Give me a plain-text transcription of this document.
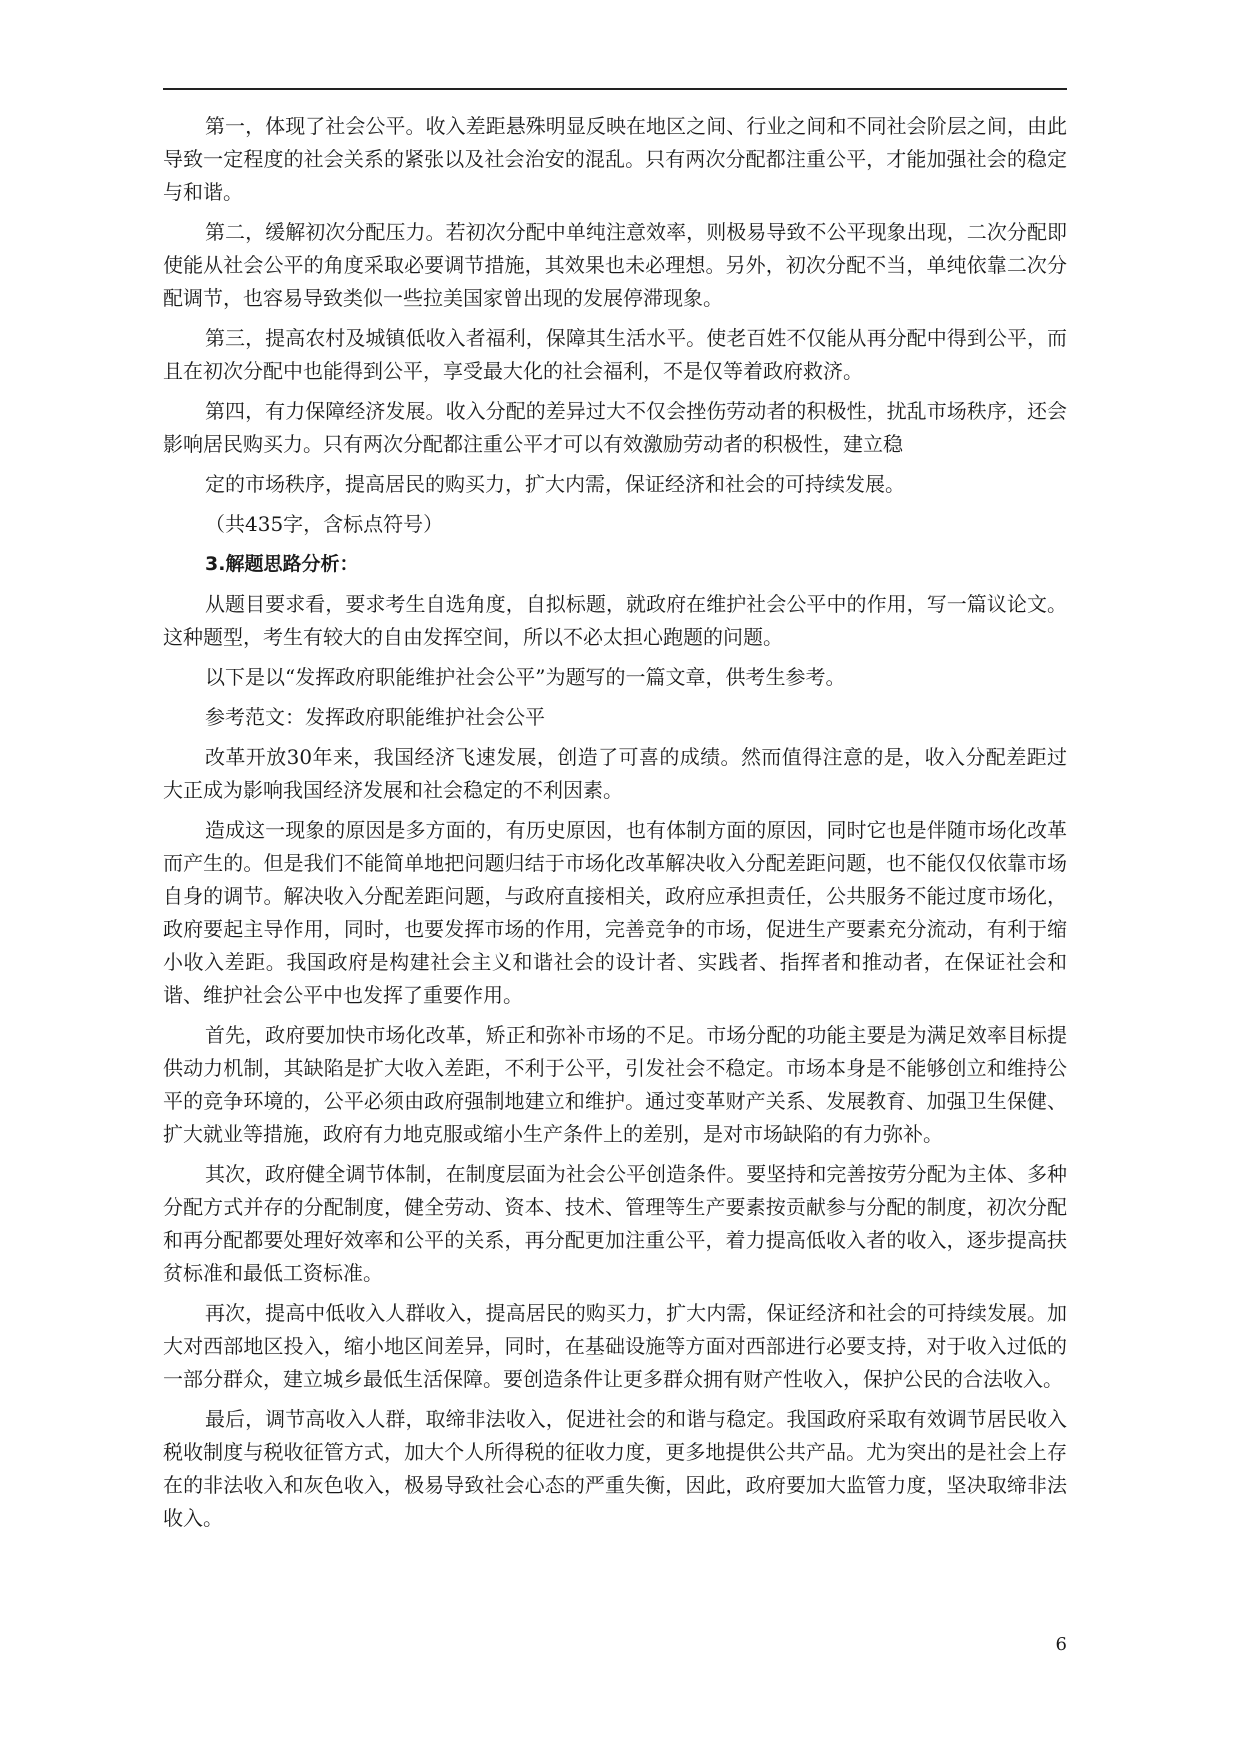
第一，体现了社会公平。收入差距悬殊明显反映在地区之间、行业之间和不同社会阶层之间，由此导致一定程度的社会关系的紧张以及社会治安的混乱。只有两次分配都注重公平，才能加强社会的稳定与和谐。

第二，缓解初次分配压力。若初次分配中单纯注意效率，则极易导致不公平现象出现，二次分配即使能从社会公平的角度采取必要调节措施，其效果也未必理想。另外，初次分配不当，单纯依靠二次分配调节，也容易导致类似一些拉美国家曾出现的发展停滞现象。

第三，提高农村及城镇低收入者福利，保障其生活水平。使老百姓不仅能从再分配中得到公平，而且在初次分配中也能得到公平，享受最大化的社会福利，不是仅等着政府救济。

第四，有力保障经济发展。收入分配的差异过大不仅会挫伤劳动者的积极性，扰乱市场秩序，还会影响居民购买力。只有两次分配都注重公平才可以有效激励劳动者的积极性，建立稳

定的市场秩序，提高居民的购买力，扩大内需，保证经济和社会的可持续发展。

（共435字，含标点符号）

3.解题思路分析：

从题目要求看，要求考生自选角度，自拟标题，就政府在维护社会公平中的作用，写一篇议论文。这种题型，考生有较大的自由发挥空间，所以不必太担心跑题的问题。

以下是以“发挥政府职能维护社会公平”为题写的一篇文章，供考生参考。

参考范文：发挥政府职能维护社会公平

改革开放30年来，我国经济飞速发展，创造了可喜的成绩。然而值得注意的是，收入分配差距过大正成为影响我国经济发展和社会稳定的不利因素。

造成这一现象的原因是多方面的，有历史原因，也有体制方面的原因，同时它也是伴随市场化改革而产生的。但是我们不能简单地把问题归结于市场化改革解决收入分配差距问题，也不能仅仅依靠市场自身的调节。解决收入分配差距问题，与政府直接相关，政府应承担责任，公共服务不能过度市场化，政府要起主导作用，同时，也要发挥市场的作用，完善竞争的市场，促进生产要素充分流动，有利于缩小收入差距。我国政府是构建社会主义和谐社会的设计者、实践者、指挥者和推动者，在保证社会和谐、维护社会公平中也发挥了重要作用。

首先，政府要加快市场化改革，矫正和弥补市场的不足。市场分配的功能主要是为满足效率目标提供动力机制，其缺陷是扩大收入差距，不利于公平，引发社会不稳定。市场本身是不能够创立和维持公平的竞争环境的，公平必须由政府强制地建立和维护。通过变革财产关系、发展教育、加强卫生保健、扩大就业等措施，政府有力地克服或缩小生产条件上的差别，是对市场缺陷的有力弥补。

其次，政府健全调节体制，在制度层面为社会公平创造条件。要坚持和完善按劳分配为主体、多种分配方式并存的分配制度，健全劳动、资本、技术、管理等生产要素按贡献参与分配的制度，初次分配和再分配都要处理好效率和公平的关系，再分配更加注重公平，着力提高低收入者的收入，逐步提高扶贫标准和最低工资标准。

再次，提高中低收入人群收入，提高居民的购买力，扩大内需，保证经济和社会的可持续发展。加大对西部地区投入，缩小地区间差异，同时，在基础设施等方面对西部进行必要支持，对于收入过低的一部分群众，建立城乡最低生活保障。要创造条件让更多群众拥有财产性收入，保护公民的合法收入。

最后，调节高收入人群，取缔非法收入，促进社会的和谐与稳定。我国政府采取有效调节居民收入税收制度与税收征管方式，加大个人所得税的征收力度，更多地提供公共产品。尤为突出的是社会上存在的非法收入和灰色收入，极易导致社会心态的严重失衡，因此，政府要加大监管力度，坚决取缔非法收入。

6
